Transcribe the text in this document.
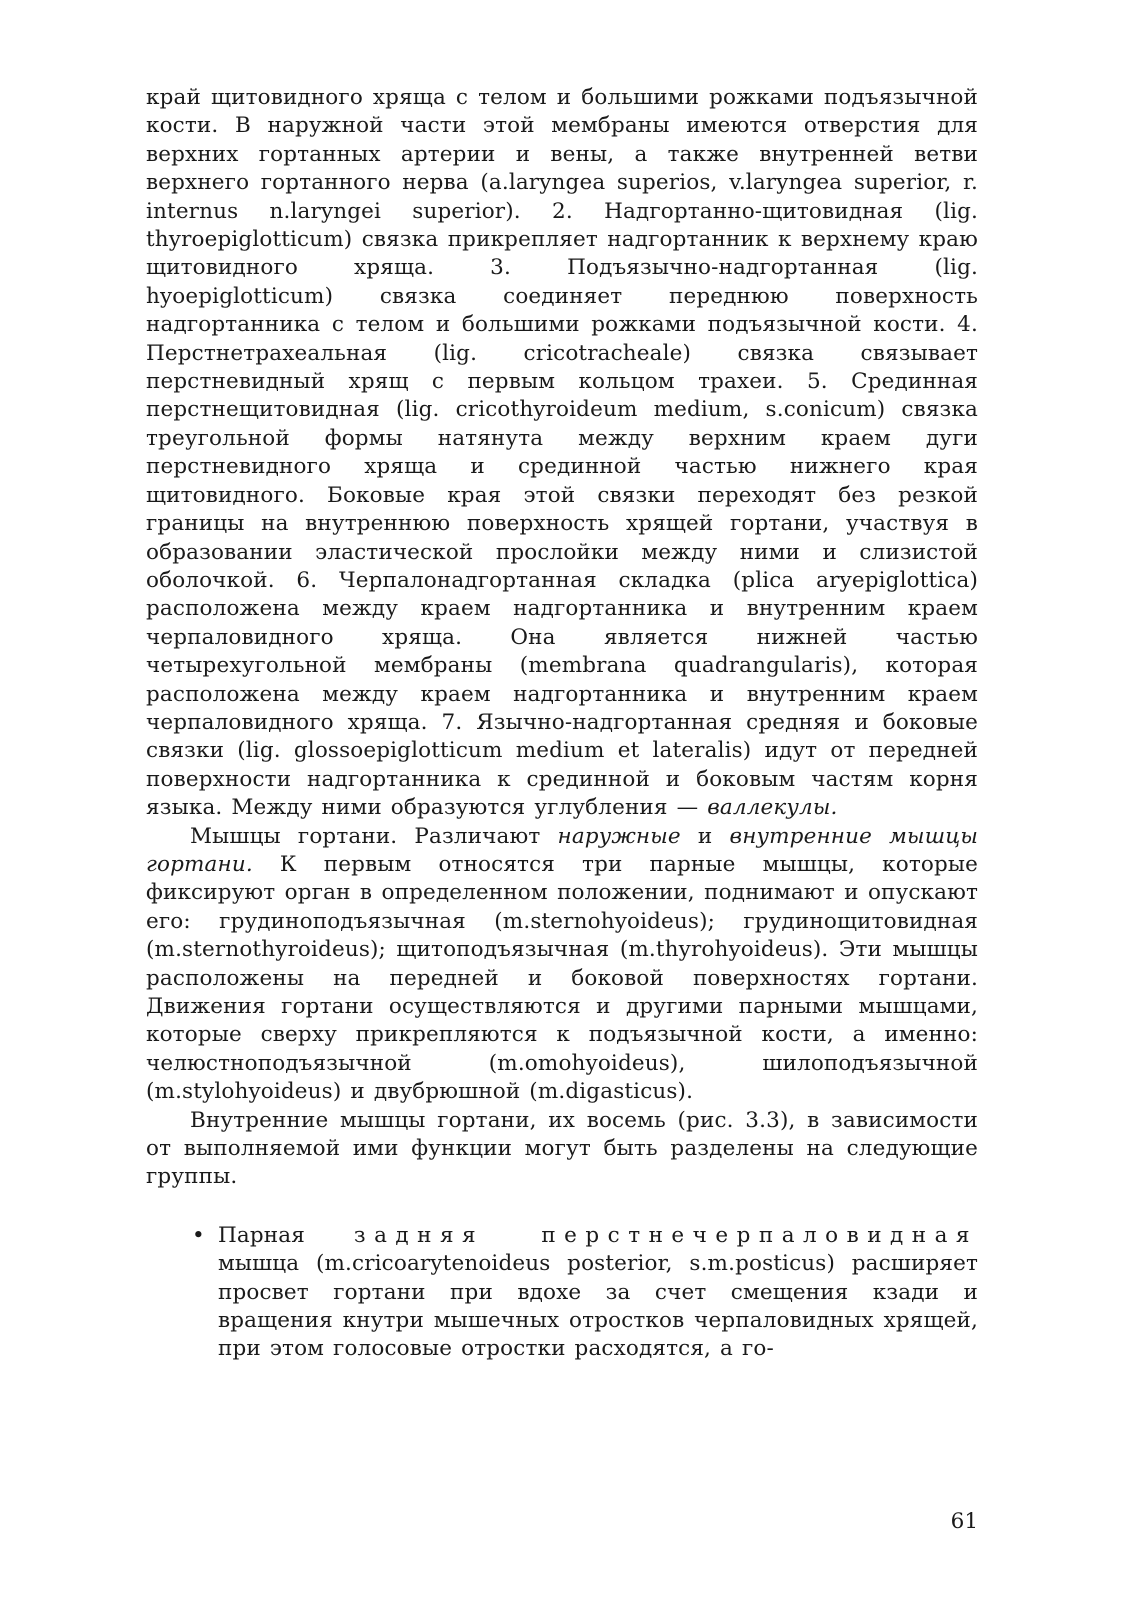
край щитовидного хряща с телом и большими рожками подъязычной кости. В наружной части этой мембраны имеются отверстия для верхних гортанных артерии и вены, а также внутренней ветви верхнего гортанного нерва (a.laryngea superios, v.laryngea superior, r. internus n.laryngei superior). 2. Надгортанно-щитовидная (lig. thyroepiglotticum) связка прикрепляет надгортанник к верхнему краю щитовидного хряща. 3. Подъязычно-надгортанная (lig. hyoepiglotticum) связка соединяет переднюю поверхность надгортанника с телом и большими рожками подъязычной кости. 4. Перстнетрахеальная (lig. cricotracheale) связка связывает перстневидный хрящ с первым кольцом трахеи. 5. Срединная перстнещитовидная (lig. cricothyroideum medium, s.conicum) связка треугольной формы натянута между верхним краем дуги перстневидного хряща и срединной частью нижнего края щитовидного. Боковые края этой связки переходят без резкой границы на внутреннюю поверхность хрящей гортани, участвуя в образовании эластической прослойки между ними и слизистой оболочкой. 6. Черпалонадгортанная складка (plica aryepiglottica) расположена между краем надгортанника и внутренним краем черпаловидного хряща. Она является нижней частью четырехугольной мембраны (membrana quadrangularis), которая расположена между краем надгортанника и внутренним краем черпаловидного хряща. 7. Язычно-надгортанная средняя и боковые связки (lig. glossoepiglotticum medium et lateralis) идут от передней поверхности надгортанника к срединной и боковым частям корня языка. Между ними образуются углубления — валлекулы.

Мышцы гортани. Различают наружные и внутренние мышцы гортани. К первым относятся три парные мышцы, которые фиксируют орган в определенном положении, поднимают и опускают его: грудиноподъязычная (m.sternohyoideus); грудинощитовидная (m.sternothyroideus); щитоподъязычная (m.thyrohyoideus). Эти мышцы расположены на передней и боковой поверхностях гортани. Движения гортани осуществляются и другими парными мышцами, которые сверху прикрепляются к подъязычной кости, а именно: челюстноподъязычной (m.omohyoideus), шилоподъязычной (m.stylohyoideus) и двубрюшной (m.digasticus).

Внутренние мышцы гортани, их восемь (рис. 3.3), в зависимости от выполняемой ими функции могут быть разделены на следующие группы.

• Парная задняя перстнечерпаловидная мышца (m.cricoarytenoideus posterior, s.m.posticus) расширяет просвет гортани при вдохе за счет смещения кзади и вращения кнутри мышечных отростков черпаловидных хрящей, при этом голосовые отростки расходятся, а го-
61
